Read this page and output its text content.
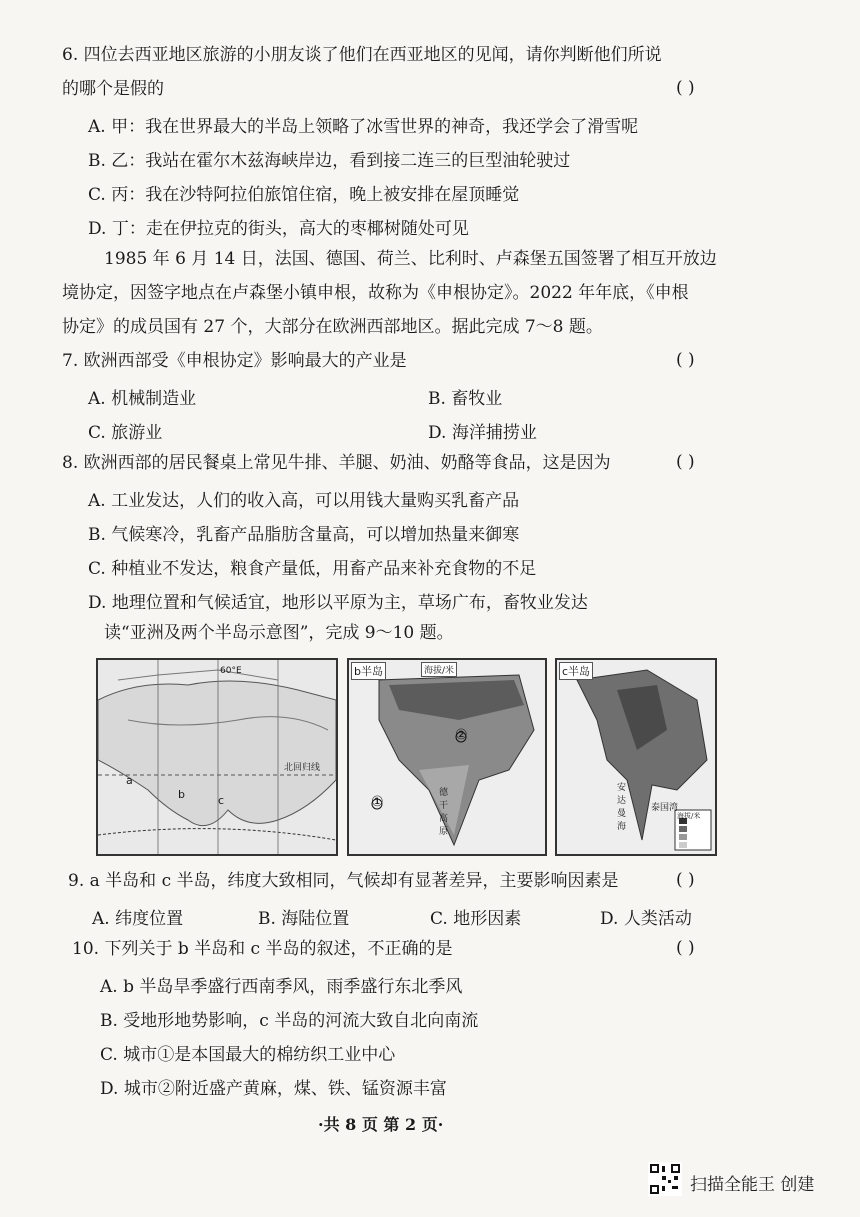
6. 四位去西亚地区旅游的小朋友谈了他们在西亚地区的见闻，请你判断他们所说
的哪个是假的	( )
A. 甲：我在世界最大的半岛上领略了冰雪世界的神奇，我还学会了滑雪呢
B. 乙：我站在霍尔木兹海峡岸边，看到接二连三的巨型油轮驶过
C. 丙：我在沙特阿拉伯旅馆住宿，晚上被安排在屋顶睡觉
D. 丁：走在伊拉克的街头，高大的枣椰树随处可见
1985 年 6 月 14 日，法国、德国、荷兰、比利时、卢森堡五国签署了相互开放边
境协定，因签字地点在卢森堡小镇申根，故称为《申根协定》。2022 年年底，《申根
协定》的成员国有 27 个，大部分在欧洲西部地区。据此完成 7～8 题。
7. 欧洲西部受《申根协定》影响最大的产业是	( )
A. 机械制造业	B. 畜牧业
C. 旅游业	D. 海洋捕捞业
8. 欧洲西部的居民餐桌上常见牛排、羊腿、奶油、奶酪等食品，这是因为	( )
A. 工业发达，人们的收入高，可以用钱大量购买乳畜产品
B. 气候寒冷，乳畜产品脂肪含量高，可以增加热量来御寒
C. 种植业不发达，粮食产量低，用畜产品来补充食物的不足
D. 地理位置和气候适宜，地形以平原为主，草场广布，畜牧业发达
读“亚洲及两个半岛示意图”，完成 9～10 题。
a
b	c
60°E
北回归线
b半岛	海拔/米
①
②
德干高原
c半岛
安达曼海
泰国湾
海拔/米
9. a 半岛和 c 半岛，纬度大致相同，气候却有显著差异，主要影响因素是	( )
A. 纬度位置	B. 海陆位置	C. 地形因素	D. 人类活动
10. 下列关于 b 半岛和 c 半岛的叙述，不正确的是	( )
A. b 半岛旱季盛行西南季风，雨季盛行东北季风
B. 受地形地势影响，c 半岛的河流大致自北向南流
C. 城市①是本国最大的棉纺织工业中心
D. 城市②附近盛产黄麻，煤、铁、锰资源丰富
·共 8 页 第 2 页·
扫描全能王 创建
